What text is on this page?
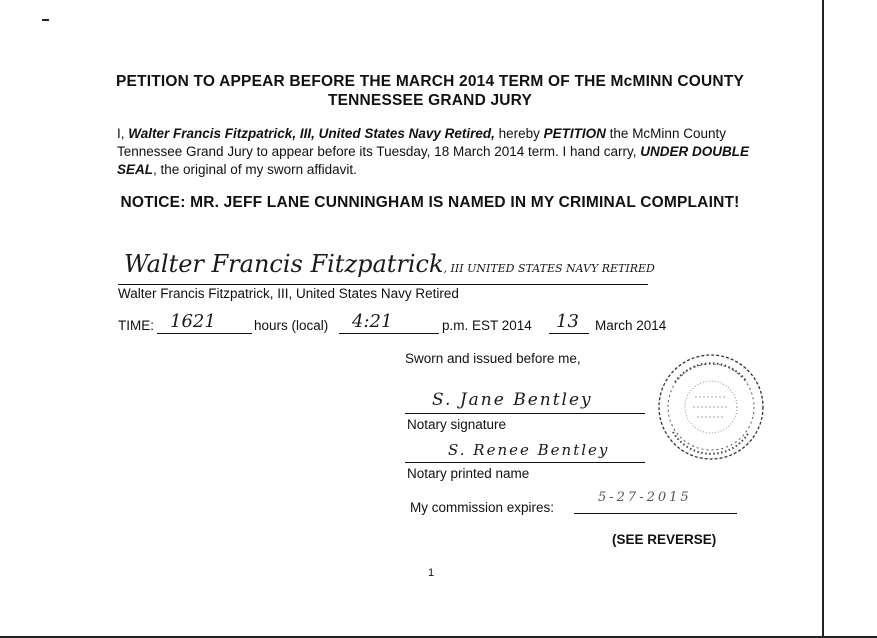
PETITION TO APPEAR BEFORE THE MARCH 2014 TERM OF THE McMINN COUNTY TENNESSEE GRAND JURY
I, Walter Francis Fitzpatrick, III, United States Navy Retired, hereby PETITION the McMinn County Tennessee Grand Jury to appear before its Tuesday, 18 March 2014 term. I hand carry, UNDER DOUBLE SEAL, the original of my sworn affidavit.
NOTICE: MR. JEFF LANE CUNNINGHAM IS NAMED IN MY CRIMINAL COMPLAINT!
Walter Francis Fitzpatrick, III UNITED STATES NAVY RETIRED
Walter Francis Fitzpatrick, III, United States Navy Retired
TIME: 1621	hours (local) 4:21	p.m. EST 2014 13 March 2014
Sworn and issued before me,
S. Jane Bentley
Notary signature
S. Renee Bentley
Notary printed name
My commission expires:
5-27-2015
(SEE REVERSE)
1
